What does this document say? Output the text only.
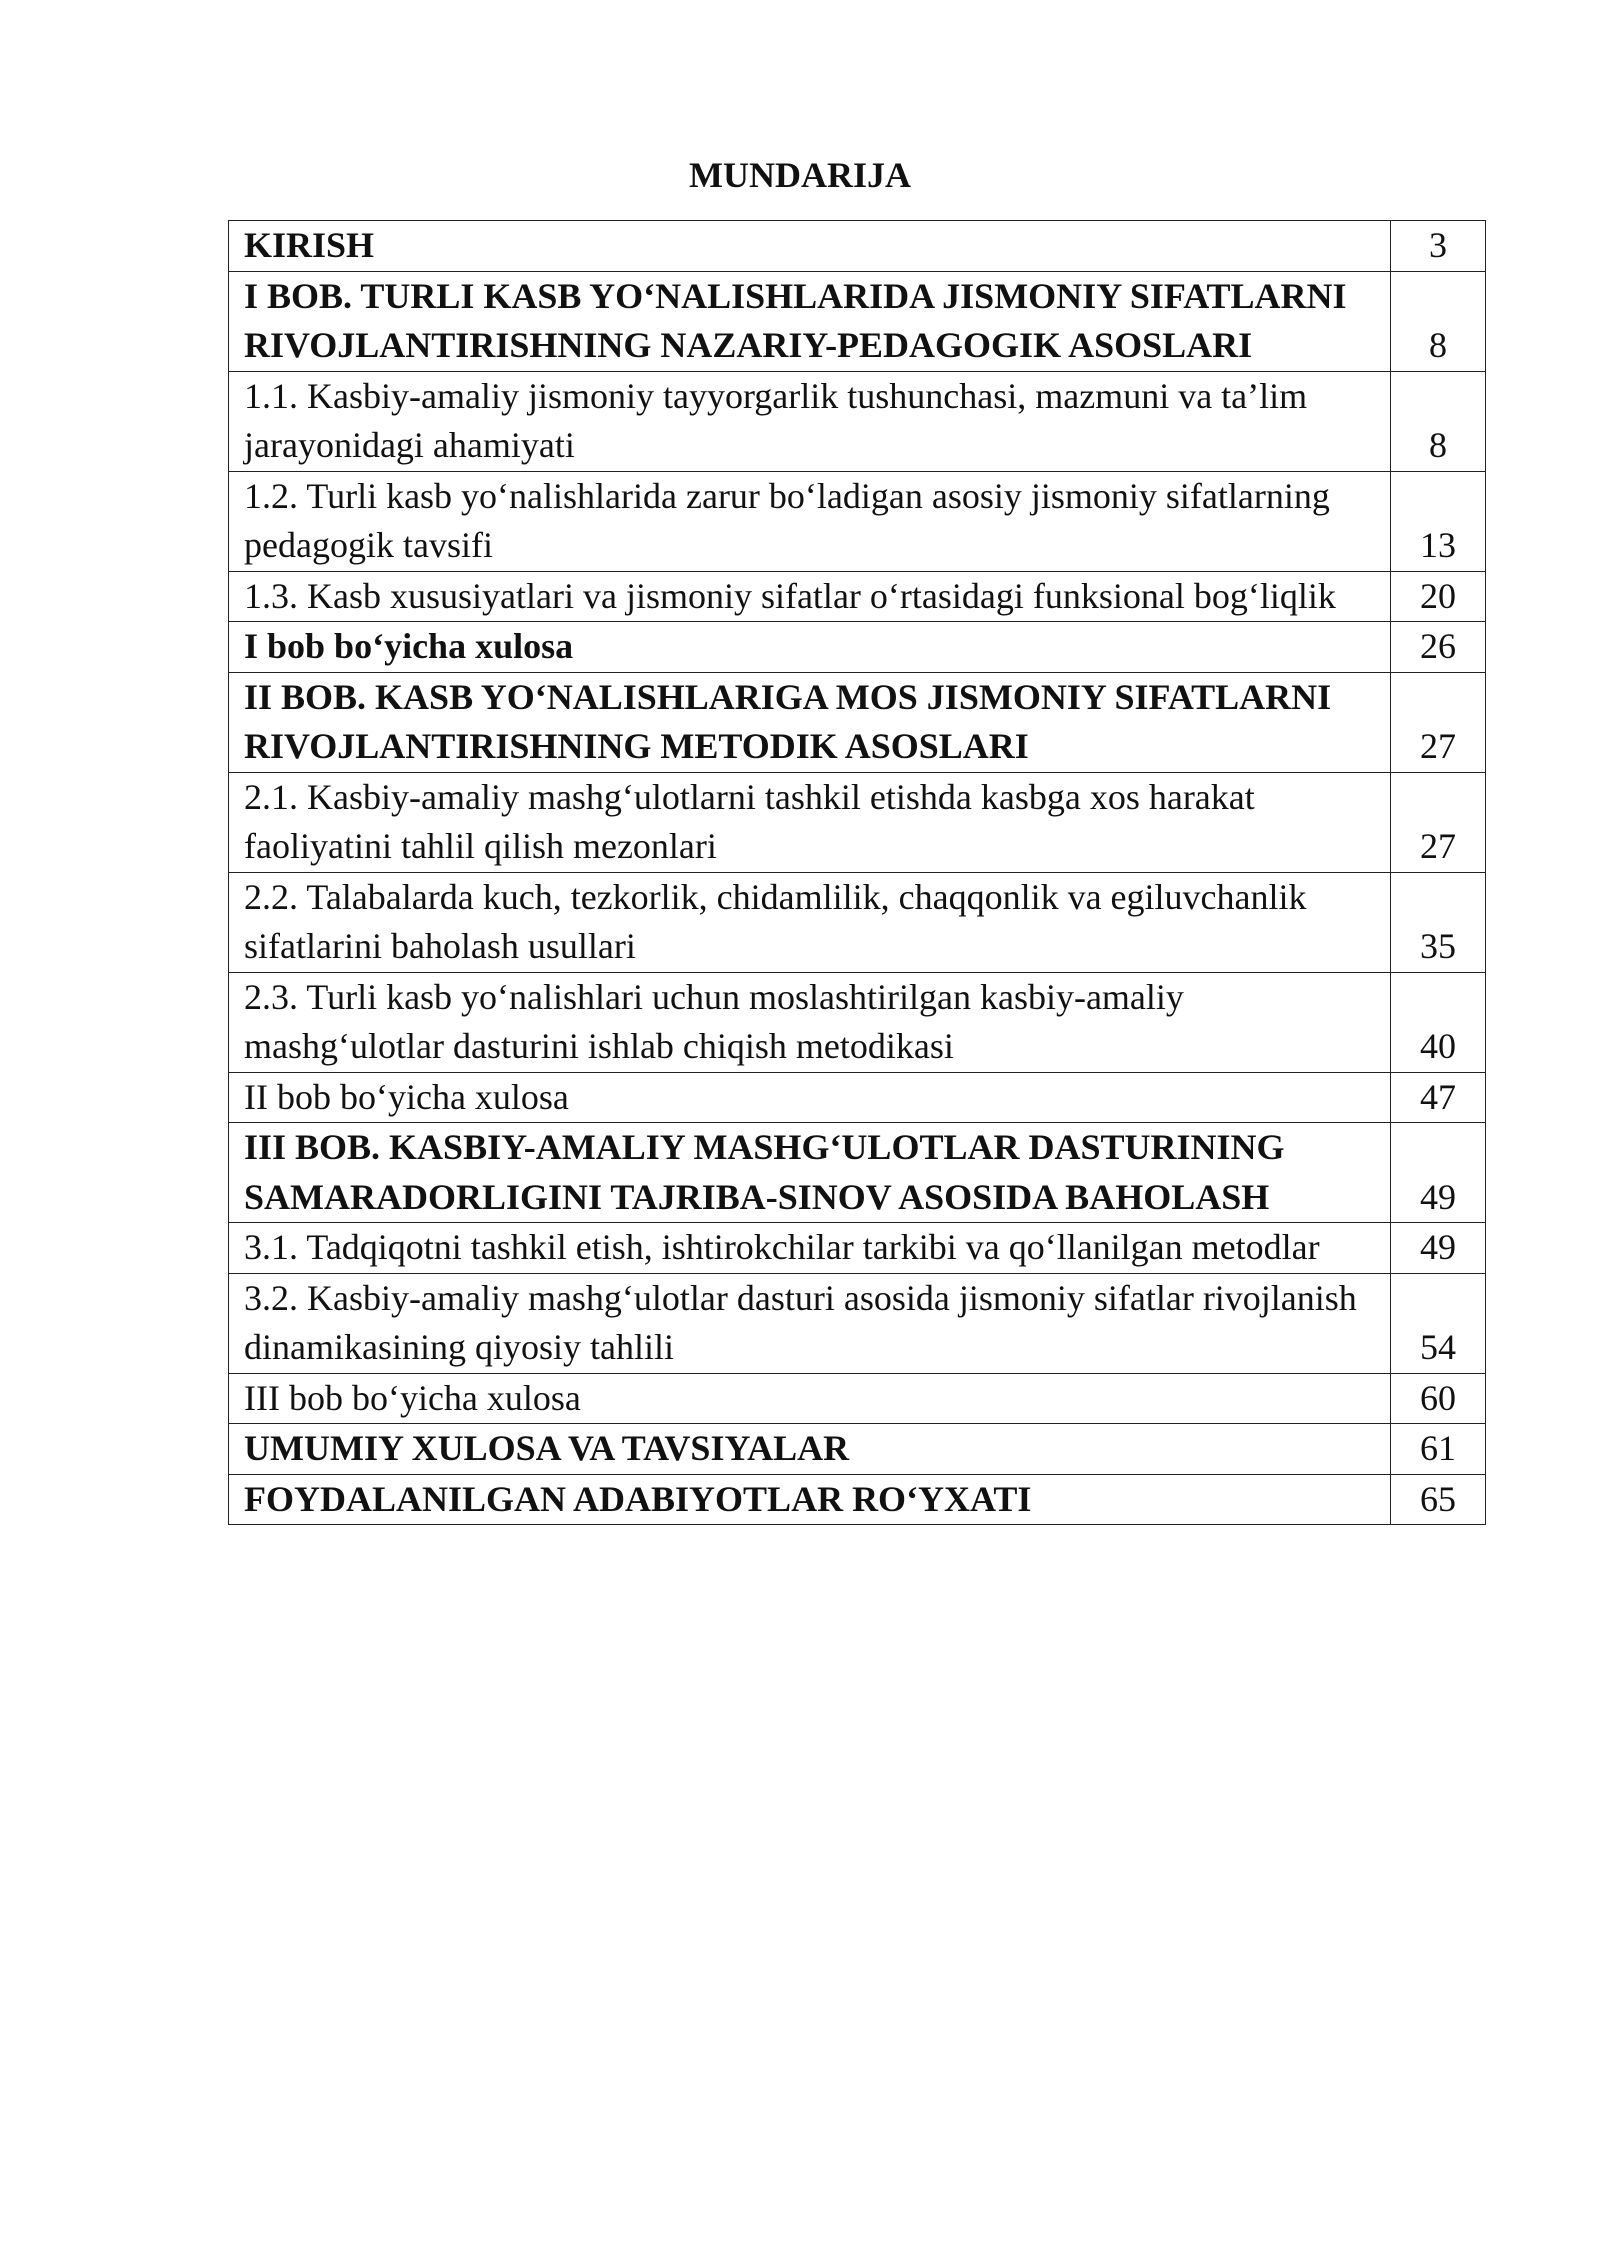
MUNDARIJA
KIRISH	3
I BOB. TURLI KASB YO‘NALISHLARIDA JISMONIY SIFATLARNI RIVOJLANTIRISHNING NAZARIY-PEDAGOGIK ASOSLARI	8
1.1. Kasbiy-amaliy jismoniy tayyorgarlik tushunchasi, mazmuni va ta’lim jarayonidagi ahamiyati	8
1.2. Turli kasb yo‘nalishlarida zarur bo‘ladigan asosiy jismoniy sifatlarning pedagogik tavsifi	13
1.3. Kasb xususiyatlari va jismoniy sifatlar o‘rtasidagi funksional bog‘liqlik	20
I bob bo‘yicha xulosa	26
II BOB. KASB YO‘NALISHLARIGA MOS JISMONIY SIFATLARNI RIVOJLANTIRISHNING METODIK ASOSLARI	27
2.1. Kasbiy-amaliy mashg‘ulotlarni tashkil etishda kasbga xos harakat faoliyatini tahlil qilish mezonlari	27
2.2. Talabalarda kuch, tezkorlik, chidamlilik, chaqqonlik va egiluvchanlik sifatlarini baholash usullari	35
2.3. Turli kasb yo‘nalishlari uchun moslashtirilgan kasbiy-amaliy mashg‘ulotlar dasturini ishlab chiqish metodikasi	40
II bob bo‘yicha xulosa	47
III BOB. KASBIY-AMALIY MASHG‘ULOTLAR DASTURINING SAMARADORLIGINI TAJRIBA-SINOV ASOSIDA BAHOLASH	49
3.1. Tadqiqotni tashkil etish, ishtirokchilar tarkibi va qo‘llanilgan metodlar	49
3.2. Kasbiy-amaliy mashg‘ulotlar dasturi asosida jismoniy sifatlar rivojlanish dinamikasining qiyosiy tahlili	54
III bob bo‘yicha xulosa	60
UMUMIY XULOSA VA TAVSIYALAR	61
FOYDALANILGAN ADABIYOTLAR RO‘YXATI	65
